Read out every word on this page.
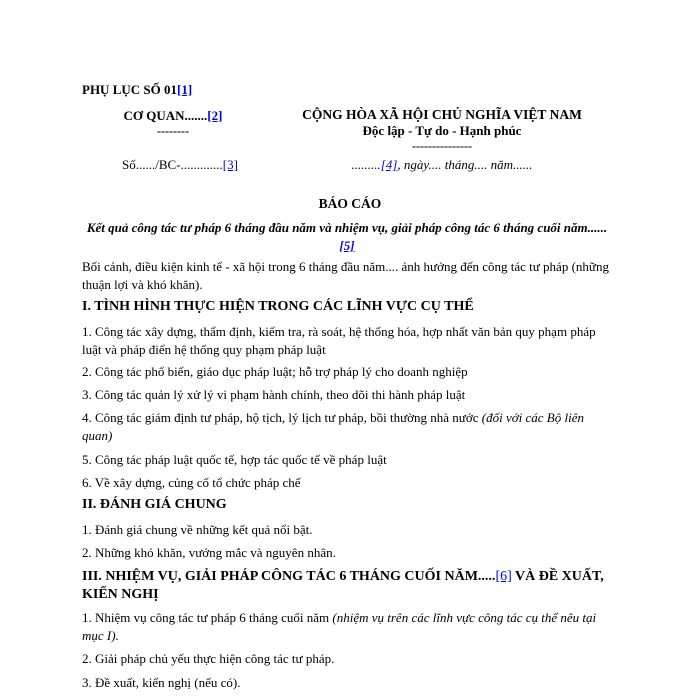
PHỤ LỤC SỐ 01[1]
CƠ QUAN.......[2]
--------
Số....../BC-.............[3]
CỘNG HÒA XÃ HỘI CHỦ NGHĨA VIỆT NAM
Độc lập - Tự do - Hạnh phúc
---------------
.........[4], ngày.... tháng.... năm......
BÁO CÁO
Kết quả công tác tư pháp 6 tháng đầu năm và nhiệm vụ, giải pháp công tác 6 tháng cuối năm......[5]

Bối cảnh, điều kiện kinh tế - xã hội trong 6 tháng đầu năm.... ảnh hưởng đến công tác tư pháp (những thuận lợi và khó khăn).

I. TÌNH HÌNH THỰC HIỆN TRONG CÁC LĨNH VỰC CỤ THỂ

1. Công tác xây dựng, thẩm định, kiểm tra, rà soát, hệ thống hóa, hợp nhất văn bản quy phạm pháp luật và pháp điển hệ thống quy phạm pháp luật

2. Công tác phổ biến, giáo dục pháp luật; hỗ trợ pháp lý cho doanh nghiệp

3. Công tác quản lý xử lý vi phạm hành chính, theo dõi thi hành pháp luật

4. Công tác giám định tư pháp, hộ tịch, lý lịch tư pháp, bồi thường nhà nước (đối với các Bộ liên quan)

5. Công tác pháp luật quốc tế, hợp tác quốc tế về pháp luật

6. Về xây dựng, củng cố tổ chức pháp chế

II. ĐÁNH GIÁ CHUNG

1. Đánh giá chung về những kết quả nổi bật.

2. Những khó khăn, vướng mắc và nguyên nhân.

III. NHIỆM VỤ, GIẢI PHÁP CÔNG TÁC 6 THÁNG CUỐI NĂM.....[6] VÀ ĐỀ XUẤT, KIẾN NGHỊ

1. Nhiệm vụ công tác tư pháp 6 tháng cuối năm (nhiệm vụ trên các lĩnh vực công tác cụ thể nêu tại mục I).

2. Giải pháp chủ yếu thực hiện công tác tư pháp.

3. Đề xuất, kiến nghị (nếu có).
